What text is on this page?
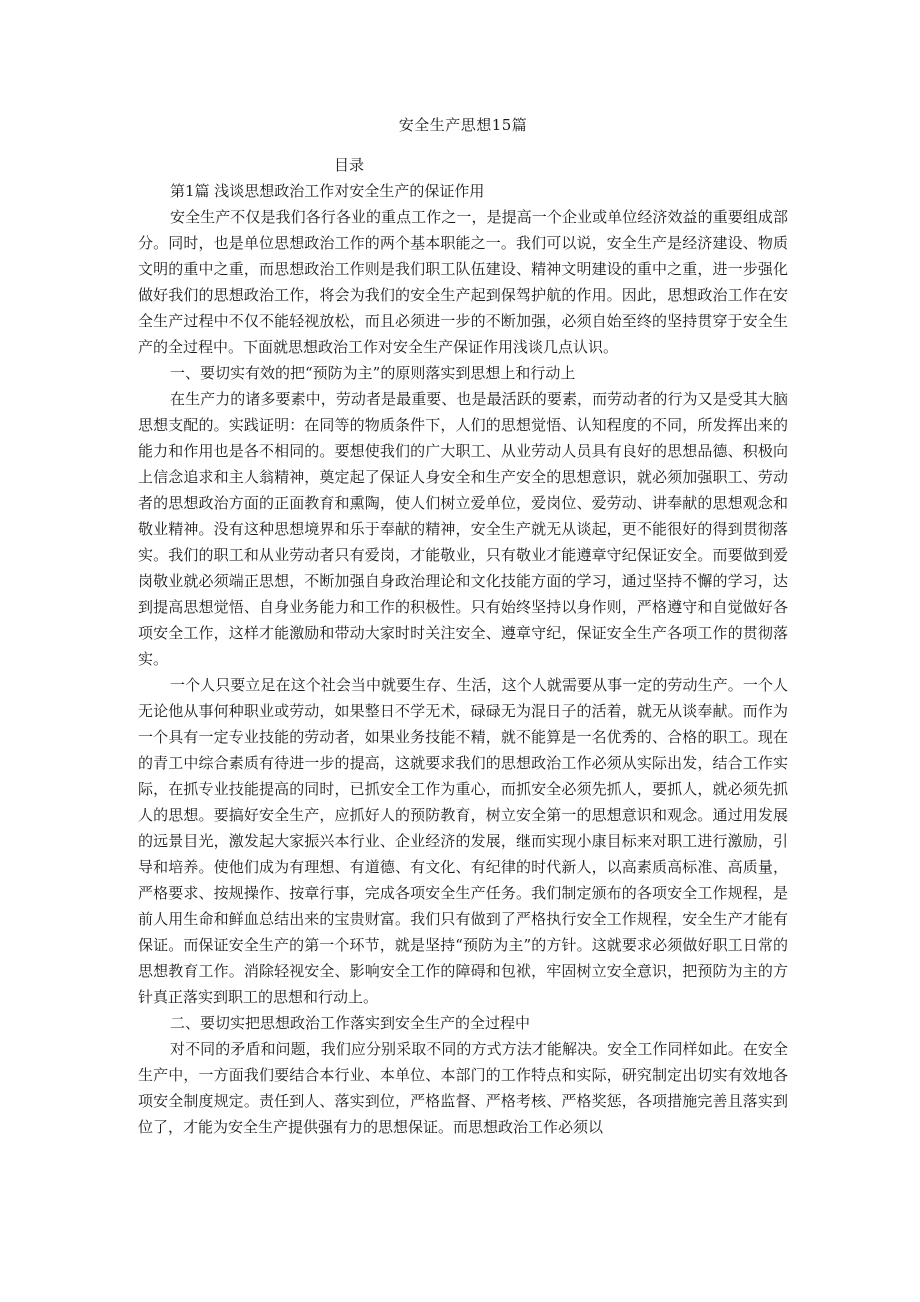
安全生产思想15篇
目录

第1篇 浅谈思想政治工作对安全生产的保证作用

安全生产不仅是我们各行各业的重点工作之一，是提高一个企业或单位经济效益的重要组成部分。同时，也是单位思想政治工作的两个基本职能之一。我们可以说，安全生产是经济建设、物质文明的重中之重，而思想政治工作则是我们职工队伍建设、精神文明建设的重中之重，进一步强化做好我们的思想政治工作，将会为我们的安全生产起到保驾护航的作用。因此，思想政治工作在安全生产过程中不仅不能轻视放松，而且必须进一步的不断加强，必须自始至终的坚持贯穿于安全生产的全过程中。下面就思想政治工作对安全生产保证作用浅谈几点认识。

一、要切实有效的把“预防为主”的原则落实到思想上和行动上

在生产力的诸多要素中，劳动者是最重要、也是最活跃的要素，而劳动者的行为又是受其大脑思想支配的。实践证明：在同等的物质条件下，人们的思想觉悟、认知程度的不同，所发挥出来的能力和作用也是各不相同的。要想使我们的广大职工、从业劳动人员具有良好的思想品德、积极向上信念追求和主人翁精神，奠定起了保证人身安全和生产安全的思想意识，就必须加强职工、劳动者的思想政治方面的正面教育和熏陶，使人们树立爱单位，爱岗位、爱劳动、讲奉献的思想观念和敬业精神。没有这种思想境界和乐于奉献的精神，安全生产就无从谈起，更不能很好的得到贯彻落实。我们的职工和从业劳动者只有爱岗，才能敬业，只有敬业才能遵章守纪保证安全。而要做到爱岗敬业就必须端正思想，不断加强自身政治理论和文化技能方面的学习，通过坚持不懈的学习，达到提高思想觉悟、自身业务能力和工作的积极性。只有始终坚持以身作则，严格遵守和自觉做好各项安全工作，这样才能激励和带动大家时时关注安全、遵章守纪，保证安全生产各项工作的贯彻落实。

一个人只要立足在这个社会当中就要生存、生活，这个人就需要从事一定的劳动生产。一个人无论他从事何种职业或劳动，如果整日不学无术，碌碌无为混日子的活着，就无从谈奉献。而作为一个具有一定专业技能的劳动者，如果业务技能不精，就不能算是一名优秀的、合格的职工。现在的青工中综合素质有待进一步的提高，这就要求我们的思想政治工作必须从实际出发，结合工作实际，在抓专业技能提高的同时，已抓安全工作为重心，而抓安全必须先抓人，要抓人，就必须先抓人的思想。要搞好安全生产，应抓好人的预防教育，树立安全第一的思想意识和观念。通过用发展的远景目光，激发起大家振兴本行业、企业经济的发展，继而实现小康目标来对职工进行激励，引导和培养。使他们成为有理想、有道德、有文化、有纪律的时代新人，以高素质高标准、高质量，严格要求、按规操作、按章行事，完成各项安全生产任务。我们制定颁布的各项安全工作规程，是前人用生命和鲜血总结出来的宝贵财富。我们只有做到了严格执行安全工作规程，安全生产才能有保证。而保证安全生产的第一个环节，就是坚持“预防为主”的方针。这就要求必须做好职工日常的思想教育工作。消除轻视安全、影响安全工作的障碍和包袱，牢固树立安全意识，把预防为主的方针真正落实到职工的思想和行动上。

二、要切实把思想政治工作落实到安全生产的全过程中

对不同的矛盾和问题，我们应分别采取不同的方式方法才能解决。安全工作同样如此。在安全生产中，一方面我们要结合本行业、本单位、本部门的工作特点和实际，研究制定出切实有效地各项安全制度规定。责任到人、落实到位，严格监督、严格考核、严格奖惩，各项措施完善且落实到位了，才能为安全生产提供强有力的思想保证。而思想政治工作必须以
